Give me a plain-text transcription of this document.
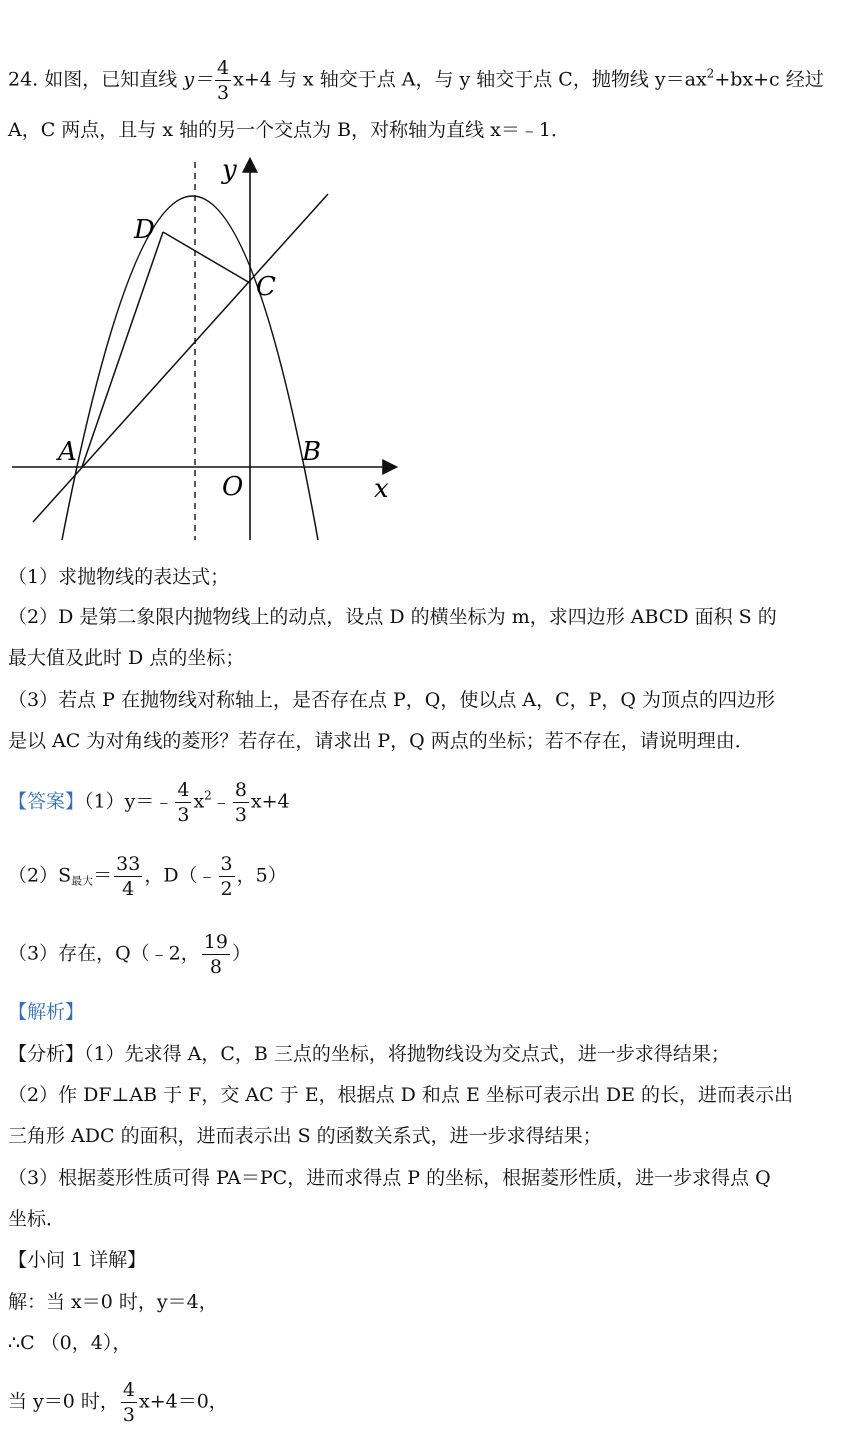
24. 如图，已知直线 $y= \frac{4}{3} x+4$ 与 x 轴交于点 A，与 y 轴交于点 C，抛物线 $y=ax^2+bx+c$ 经过
A，C 两点，且与 x 轴的另一个交点为 B，对称轴为直线 x＝﹣1．
D
C
A	B
O	x
y
（1）求抛物线的表达式；
（2）D 是第二象限内抛物线上的动点，设点 D 的横坐标为 m，求四边形 ABCD 面积 S 的
最大值及此时 D 点的坐标；
（3）若点 P 在抛物线对称轴上，是否存在点 P，Q，使以点 A，C，P，Q 为顶点的四边形
是以 AC 为对角线的菱形？若存在，请求出 P，Q 两点的坐标；若不存在，请说明理由．
【答案】（1）y＝﹣ $\frac{4}{3}$ $x^2﹣ \frac{8}{3} x+4$
$(2)S_{最大}= \frac{33}{4}$ ，D（﹣ $\frac{3}{2}$ ，5）
（3）存在，Q（﹣2， $\frac{19}{8}$ ）
【解析】
【分析】（1）先求得 A，C，B 三点的坐标，将抛物线设为交点式，进一步求得结果；
（2）作 DF⊥AB 于 F，交 AC 于 E，根据点 D 和点 E 坐标可表示出 DE 的长，进而表示出
三角形 ADC 的面积，进而表示出 S 的函数关系式，进一步求得结果；
（3）根据菱形性质可得 PA＝PC，进而求得点 P 的坐标，根据菱形性质，进一步求得点 Q
坐标．
【小问 1 详解】
解：当 x＝0 时，y＝4，
∴C （0，4），
当 y＝0 时， $\frac{4}{3} x+4=0$，
